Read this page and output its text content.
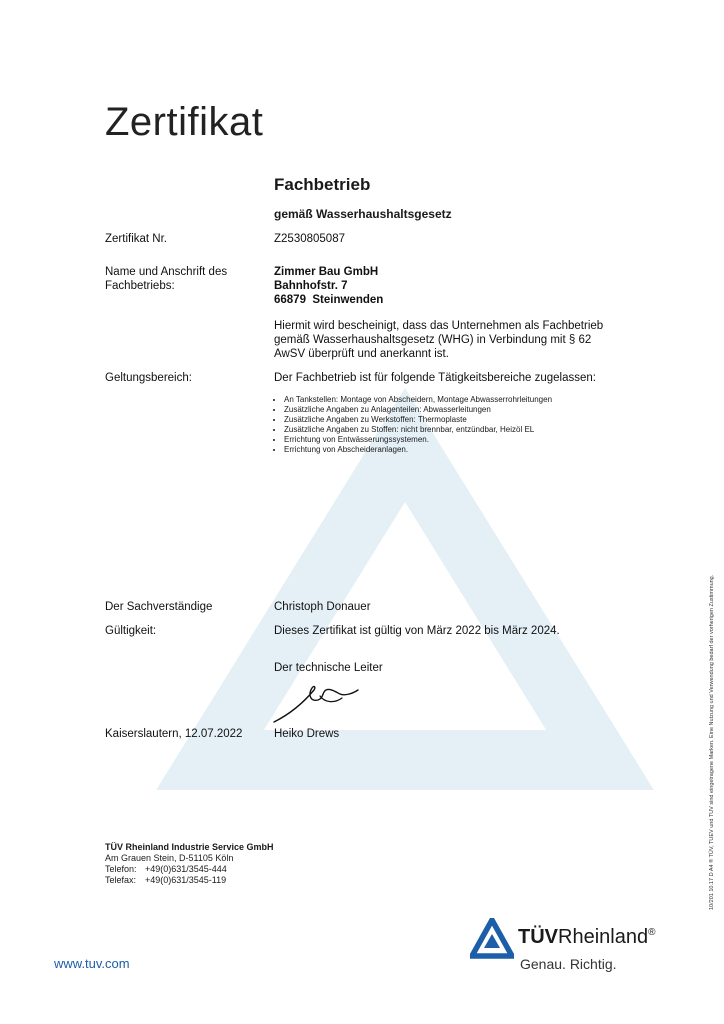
Zertifikat
Fachbetrieb
gemäß Wasserhaushaltsgesetz
Zertifikat Nr.	Z2530805087
Name und Anschrift des
Fachbetriebs:
Zimmer Bau GmbH
Bahnhofstr. 7
66879  Steinwenden
Hiermit wird bescheinigt, dass das Unternehmen als Fachbetrieb
gemäß Wasserhaushaltsgesetz (WHG) in Verbindung mit § 62
AwSV überprüft und anerkannt ist.
Geltungsbereich:	Der Fachbetrieb ist für folgende Tätigkeitsbereiche zugelassen:
• An Tankstellen: Montage von Abscheidern, Montage Abwasserrohrleitungen
• Zusätzliche Angaben zu Anlagenteilen: Abwasserleitungen
• Zusätzliche Angaben zu Werkstoffen: Thermoplaste
• Zusätzliche Angaben zu Stoffen: nicht brennbar, entzündbar, Heizöl EL
• Errichtung von Entwässerungssystemen.
• Errichtung von Abscheideranlagen.
Der Sachverständige	Christoph Donauer
Gültigkeit:	Dieses Zertifikat ist gültig von März 2022 bis März 2024.
Der technische Leiter
Kaiserslautern, 12.07.2022	Heiko Drews
TÜV Rheinland Industrie Service GmbH
Am Grauen Stein, D-51105 Köln
Telefon: +49(0)631/3545-444
Telefax: +49(0)631/3545-119	10/201 10.17 D A4 ® TÜV, TUEV und TUV sind eingetragene Marken. Eine Nutzung und Verwendung bedarf der vorherigen Zustimmung.
www.tuv.com
TÜVRheinland®
Genau. Richtig.
